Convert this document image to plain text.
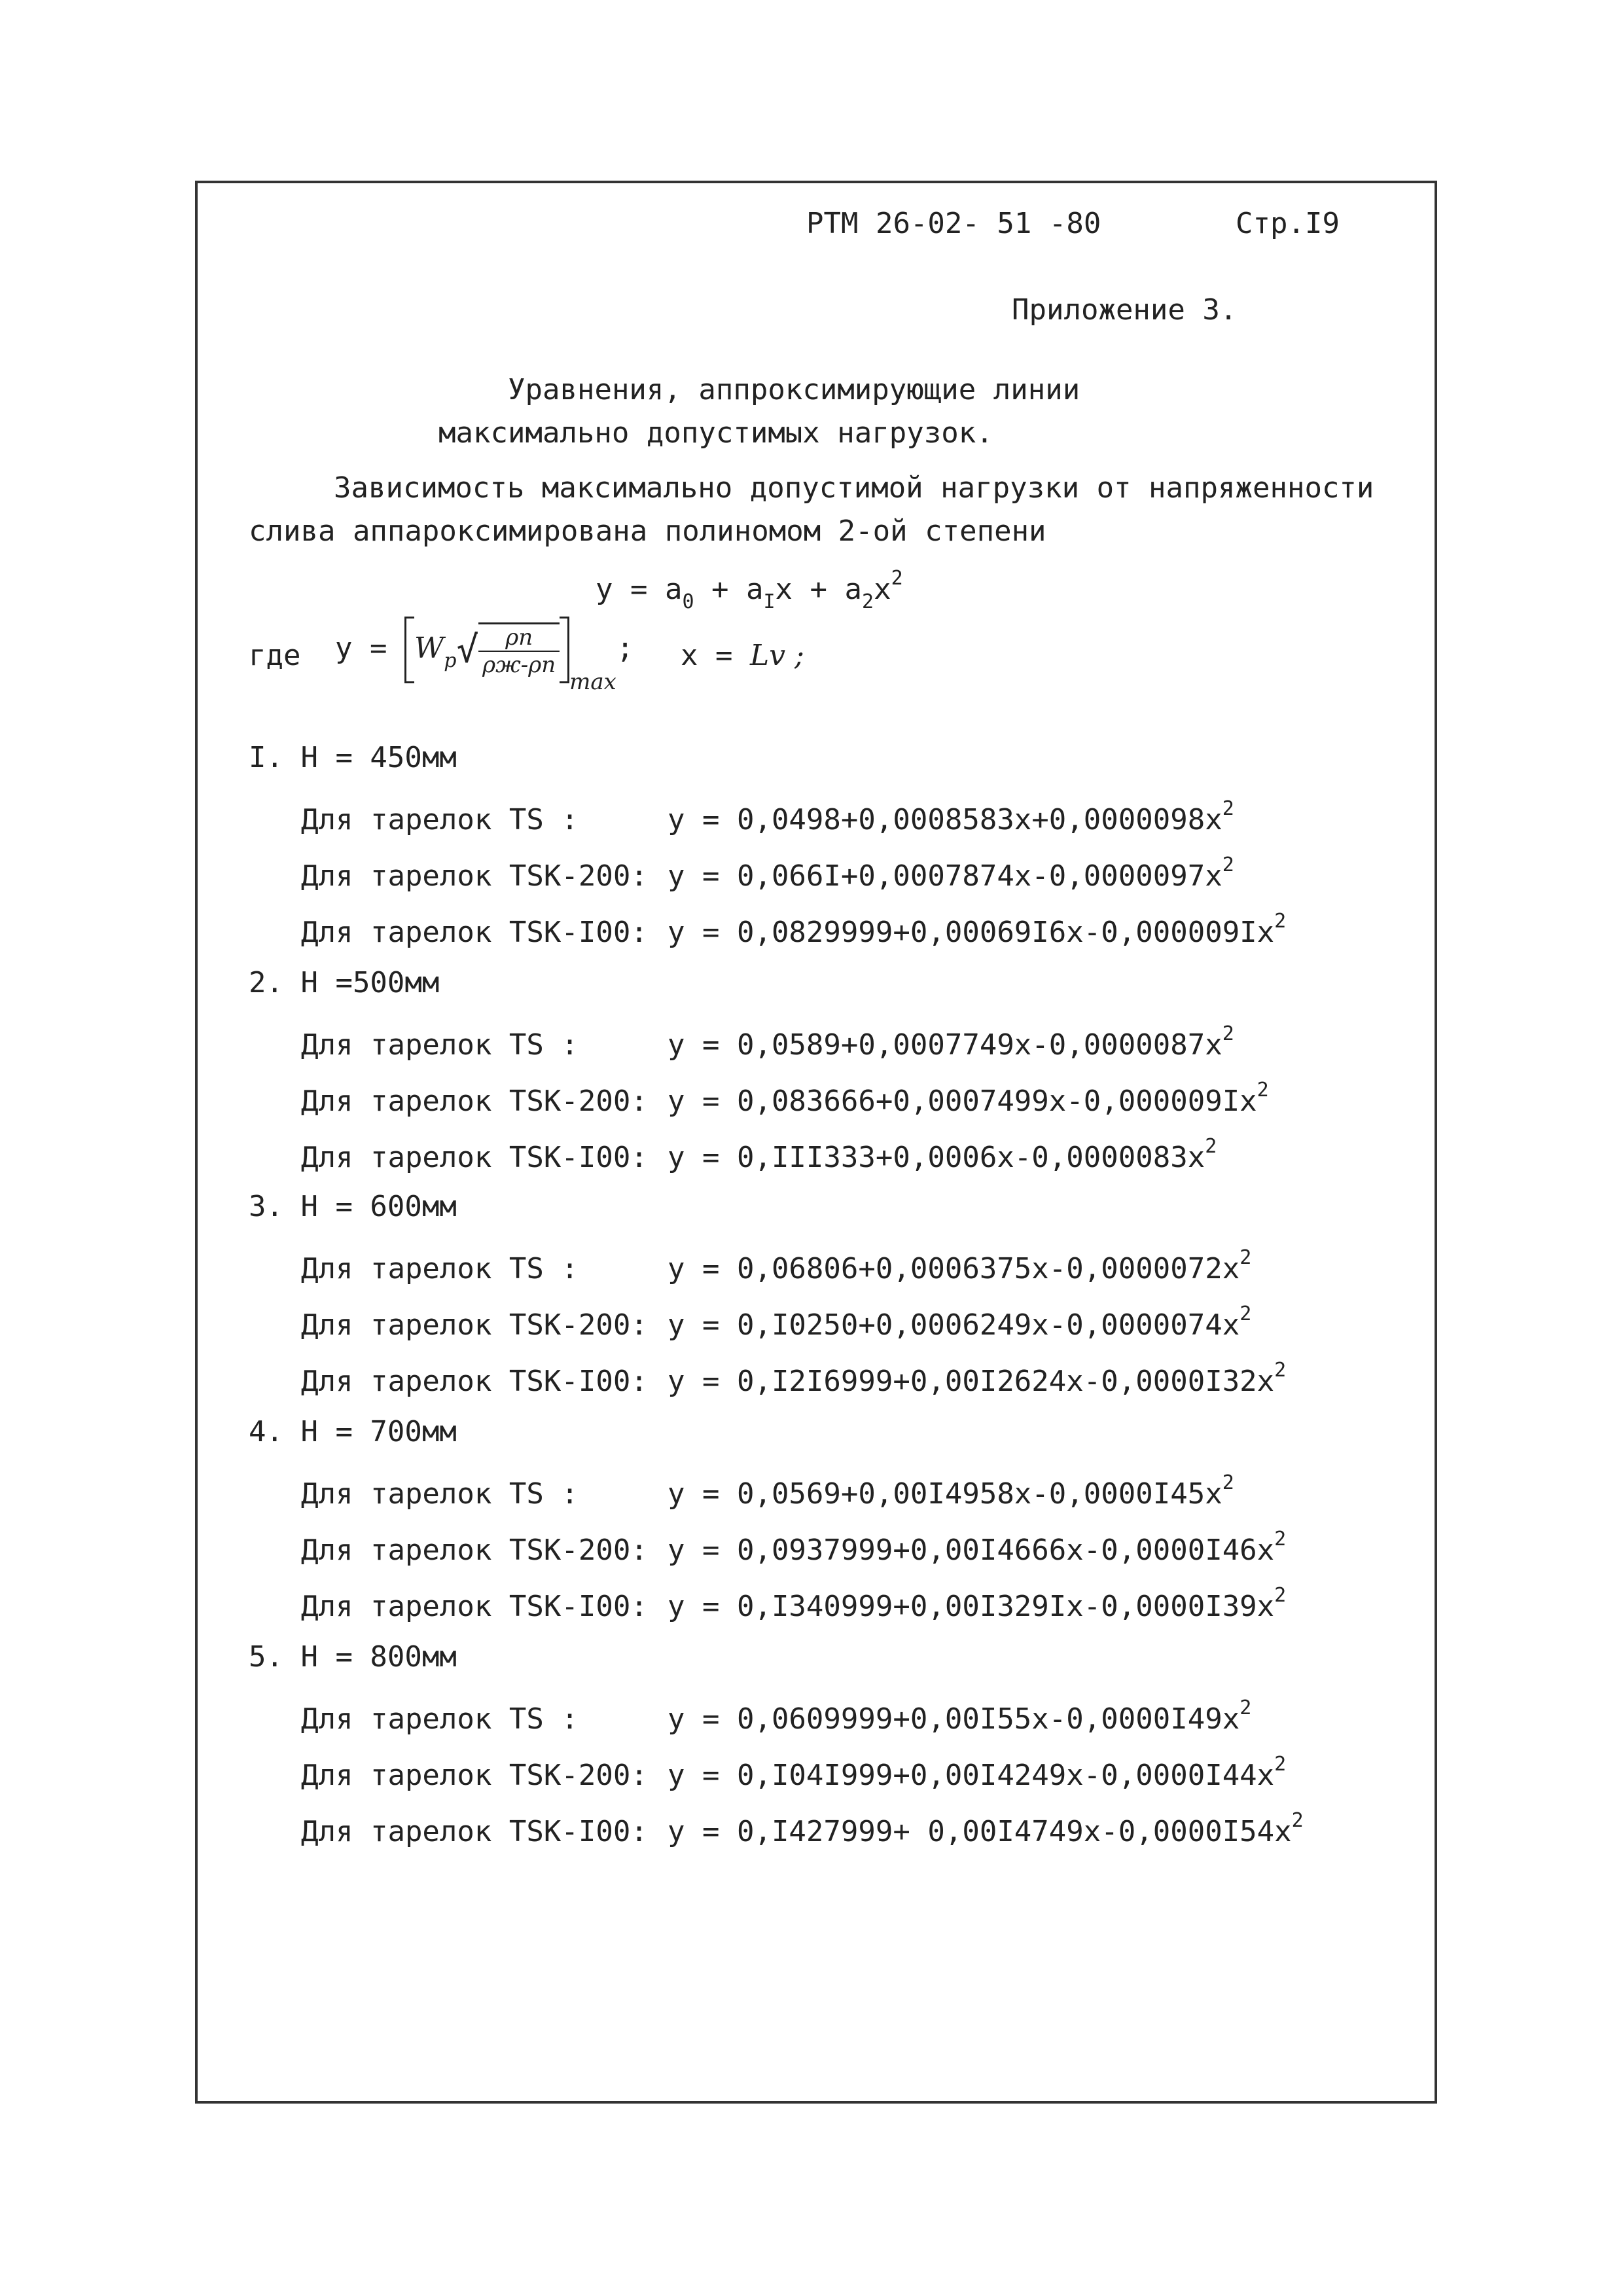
РТМ 26-02- 51 -80	Стр.I9
Приложение 3.
Уравнения, аппроксимирующие линии
максимально допустимых нагрузок.
Зависимость максимально допустимой нагрузки от напряженности
слива аппароксимирована полиномом 2-ой степени
$y = a_0 + a_Ix + a_2x^2$
где $y = W_p√ \frac{\rho n}{\rho ж-\rho n}$
$_{max}$; x = Lv ;
I. H = 450мм
Для тарелок TS :	$y = 0,0498+0,0008583x+0,0000098x^2$
Для тарелок TSК-200: $y = 0,066I+0,0007874x-0,0000097x^2$
Для тарелок TSК-I00: $y = 0,0829999+0,00069I6x-0,000009Ix^2$
2. H =500мм
Для тарелок TS :	$y = 0,0589+0,0007749x-0,0000087x^2$
Для тарелок TSК-200: $y = 0,083666+0,0007499x-0,000009Ix^2$
Для тарелок TSК-I00: $y = 0,III333+0,0006x-0,0000083x^2$
3. H = 600мм
Для тарелок TS :	$y = 0,06806+0,0006375x-0,0000072x^2$
Для тарелок TSК-200: $y = 0,I0250+0,0006249x-0,0000074x^2$
Для тарелок TSК-I00: $y = 0,I2I6999+0,00I2624x-0,0000I32x^2$
4. H = 700мм
Для тарелок TS :	$y = 0,0569+0,00I4958x-0,0000I45x^2$
Для тарелок TSК-200: $y = 0,0937999+0,00I4666x-0,0000I46x^2$
Для тарелок TSК-I00: $y = 0,I340999+0,00I329Ix-0,0000I39x^2$
5. H = 800мм
Для тарелок TS :	$y = 0,0609999+0,00I55x-0,0000I49x^2$
Для тарелок TSК-200: $y = 0,I04I999+0,00I4249x-0,0000I44x^2$
Для тарелок TSК-I00: $y = 0,I427999+ 0,00I4749x-0,0000I54x^2$
